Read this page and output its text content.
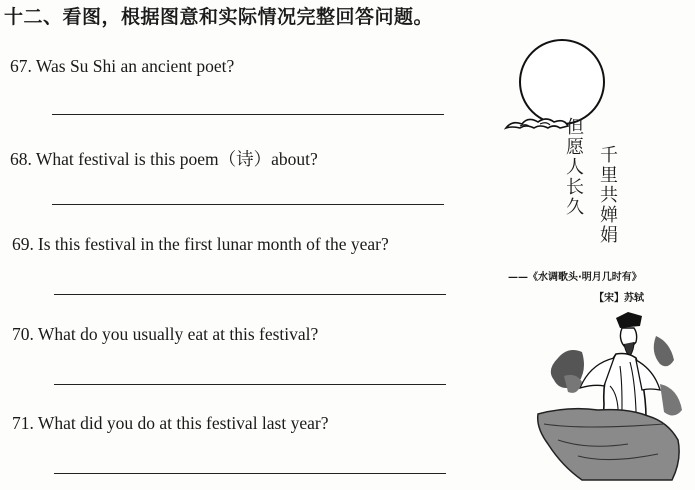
十二、看图，根据图意和实际情况完整回答问题。
67. Was Su Shi an ancient poet?
68. What festival is this poem（诗）about?
69. Is this festival in the first lunar month of the year?
70. What do you usually eat at this festival?
71. What did you do at this festival last year?
但愿人长久
千里共婵娟
——《水调歌头·明月几时有》
【宋】苏轼
